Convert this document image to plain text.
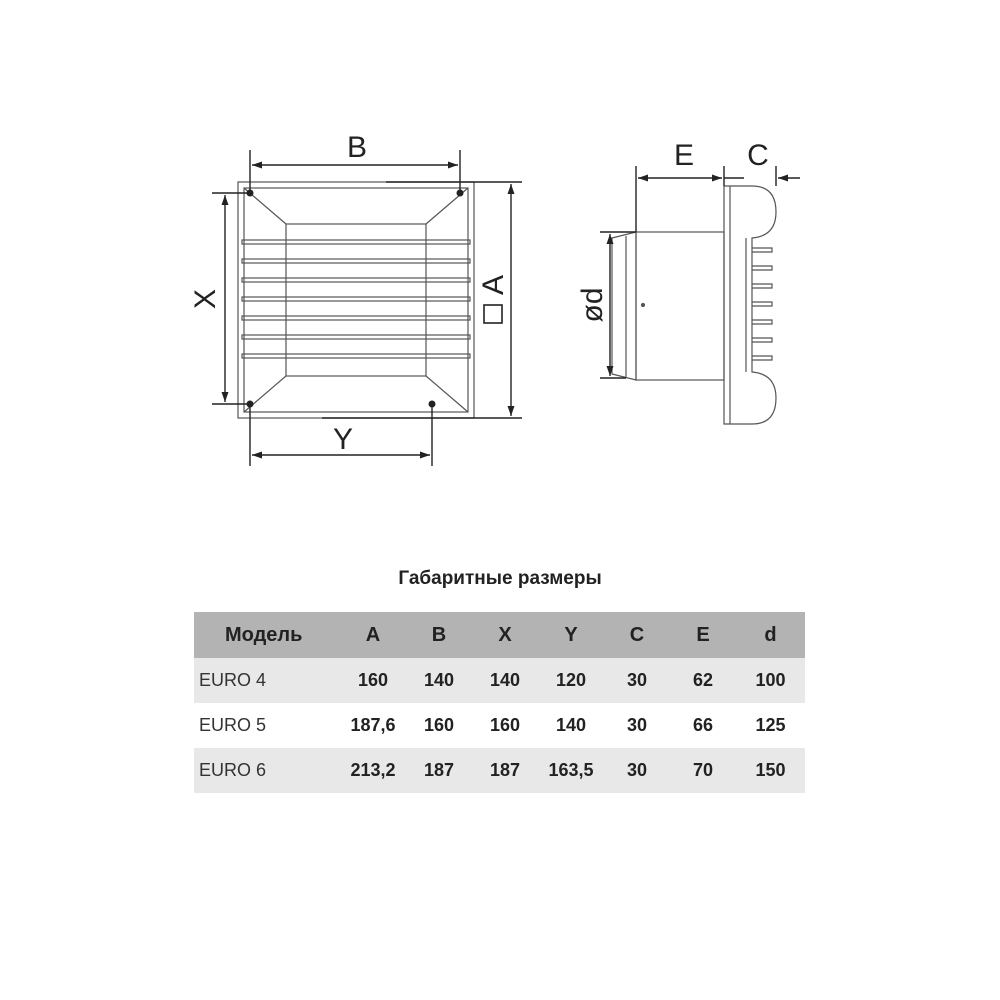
B
X
A
Y
E C
ød
Габаритные размеры
Модель	A	B	X	Y	C	E	d
EURO 4	160	140	140	120	30	62	100
EURO 5	187,6	160	160	140	30	66	125
EURO 6	213,2	187	187	163,5	30	70	150
